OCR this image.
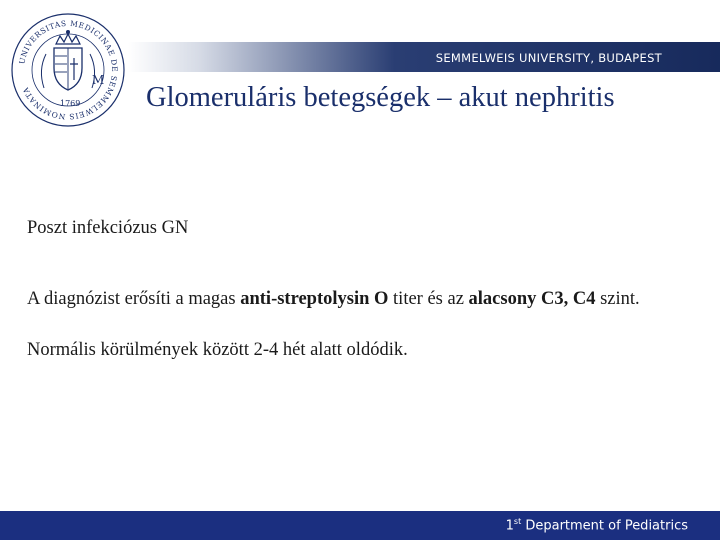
UNIVERSITAS MEDICINAE DE SEMMELWEIS NOMINATA
M
1769
SEMMELWEIS UNIVERSITY, BUDAPEST
Glomeruláris betegségek – akut nephritis
Poszt infekciózus GN
A diagnózist erősíti a magas anti-streptolysin O titer és az alacsony C3, C4 szint.
Normális körülmények között 2-4 hét alatt oldódik.
1st Department of Pediatrics
